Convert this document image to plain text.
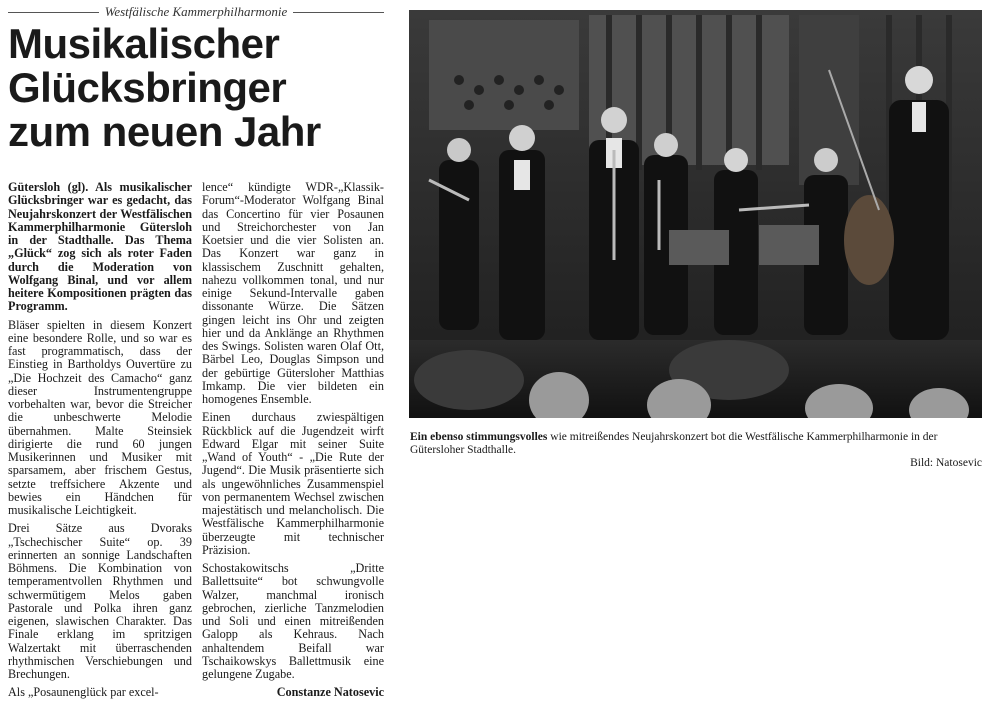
Westfälische Kammerphilharmonie
Musikalischer
Glücksbringer
zum neuen Jahr

Gütersloh (gl). Als musikalischer Glücksbringer war es gedacht, das Neujahrskonzert der Westfälischen Kammerphilharmonie Gütersloh in der Stadthalle. Das Thema „Glück“ zog sich als roter Faden durch die Moderation von Wolfgang Binal, und vor allem heitere Kompositionen prägten das Programm.

Bläser spielten in diesem Konzert eine besondere Rolle, und so war es fast programmatisch, dass der Einstieg in Bartholdys Ouvertüre zu „Die Hochzeit des Camacho“ ganz dieser Instrumentengruppe vorbehalten war, bevor die Streicher die unbeschwerte Melodie übernahmen. Malte Steinsiek dirigierte die rund 60 jungen Musikerinnen und Musiker mit sparsamem, aber frischem Gestus, setzte treffsichere Akzente und bewies ein Händchen für musikalische Leichtigkeit.

Drei Sätze aus Dvoraks „Tschechischer Suite“ op. 39 erinnerten an sonnige Landschaften Böhmens. Die Kombination von temperamentvollen Rhythmen und schwermütigem Melos gaben Pastorale und Polka ihren ganz eigenen, slawischen Charakter. Das Finale erklang im spritzigen Walzertakt mit überraschenden rhythmischen Verschiebungen und Brechungen.

Als „Posaunenglück par excel-

lence“ kündigte WDR-„Klassik-Forum“-Moderator Wolfgang Binal das Concertino für vier Posaunen und Streichorchester von Jan Koetsier und die vier Solisten an. Das Konzert war ganz in klassischem Zuschnitt gehalten, nahezu vollkommen tonal, und nur einige Sekund-Intervalle gaben dissonante Würze. Die Sätzen gingen leicht ins Ohr und zeigten hier und da Anklänge an Rhythmen des Swings. Solisten waren Olaf Ott, Bärbel Leo, Douglas Simpson und der gebürtige Gütersloher Matthias Imkamp. Die vier bildeten ein homogenes Ensemble.

Einen durchaus zwiespältigen Rückblick auf die Jugendzeit wirft Edward Elgar mit seiner Suite „Wand of Youth“ - „Die Rute der Jugend“. Die Musik präsentierte sich als ungewöhnliches Zusammenspiel von permanentem Wechsel zwischen majestätisch und melancholisch. Die Westfälische Kammerphilharmonie überzeugte mit technischer Präzision.

Schostakowitschs „Dritte Ballettsuite“ bot schwungvolle Walzer, manchmal ironisch gebrochen, zierliche Tanzmelodien und Soli und einen mitreißenden Galopp als Kehraus. Nach anhaltendem Beifall war Tschaikowskys Ballettmusik eine gelungene Zugabe.

Constanze Natosevic
Ein ebenso stimmungsvolles wie mitreißendes Neujahrskonzert bot die Westfälische Kammerphilharmonie in der Gütersloher Stadthalle.
Bild: Natosevic
